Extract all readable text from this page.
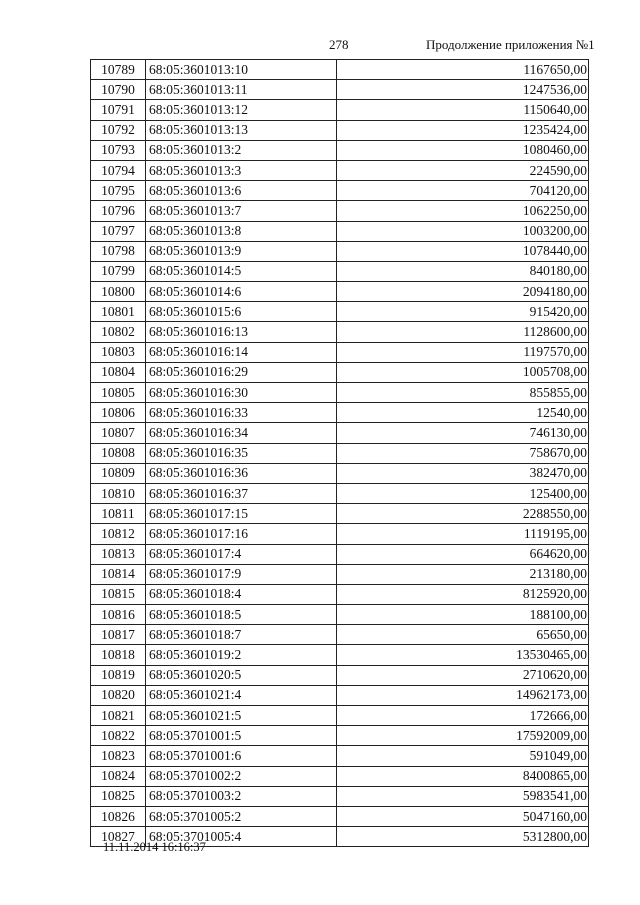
278	Продолжение приложения №1
10789	68:05:3601013:10	1167650,00
10790	68:05:3601013:11	1247536,00
10791	68:05:3601013:12	1150640,00
10792	68:05:3601013:13	1235424,00
10793	68:05:3601013:2	1080460,00
10794	68:05:3601013:3	224590,00
10795	68:05:3601013:6	704120,00
10796	68:05:3601013:7	1062250,00
10797	68:05:3601013:8	1003200,00
10798	68:05:3601013:9	1078440,00
10799	68:05:3601014:5	840180,00
10800	68:05:3601014:6	2094180,00
10801	68:05:3601015:6	915420,00
10802	68:05:3601016:13	1128600,00
10803	68:05:3601016:14	1197570,00
10804	68:05:3601016:29	1005708,00
10805	68:05:3601016:30	855855,00
10806	68:05:3601016:33	12540,00
10807	68:05:3601016:34	746130,00
10808	68:05:3601016:35	758670,00
10809	68:05:3601016:36	382470,00
10810	68:05:3601016:37	125400,00
10811	68:05:3601017:15	2288550,00
10812	68:05:3601017:16	1119195,00
10813	68:05:3601017:4	664620,00
10814	68:05:3601017:9	213180,00
10815	68:05:3601018:4	8125920,00
10816	68:05:3601018:5	188100,00
10817	68:05:3601018:7	65650,00
10818	68:05:3601019:2	13530465,00
10819	68:05:3601020:5	2710620,00
10820	68:05:3601021:4	14962173,00
10821	68:05:3601021:5	172666,00
10822	68:05:3701001:5	17592009,00
10823	68:05:3701001:6	591049,00
10824	68:05:3701002:2	8400865,00
10825	68:05:3701003:2	5983541,00
10826	68:05:3701005:2	5047160,00
10827	68:05:3701005:4	5312800,00
11.11.2014 16:16:37
